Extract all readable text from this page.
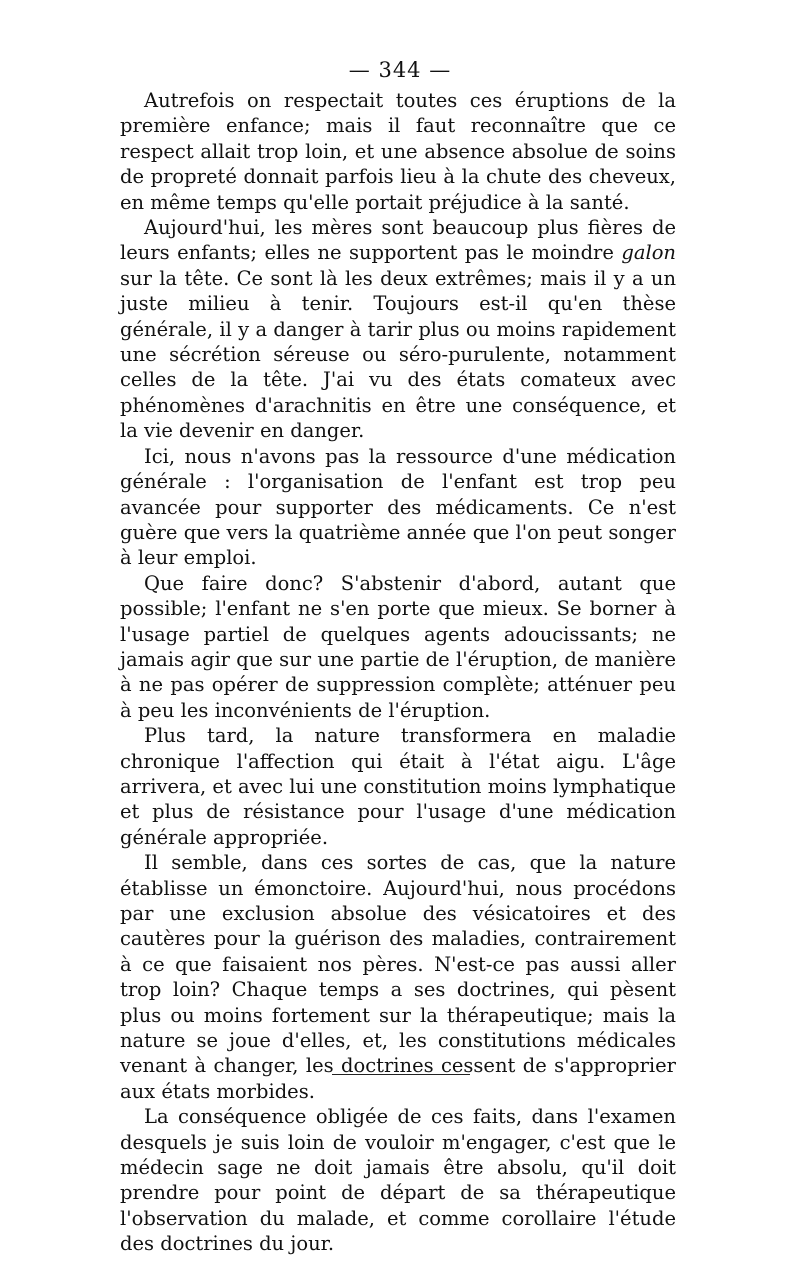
— 344 —

Autrefois on respectait toutes ces éruptions de la première enfance; mais il faut reconnaître que ce respect allait trop loin, et une absence absolue de soins de propreté donnait parfois lieu à la chute des cheveux, en même temps qu'elle portait préjudice à la santé.

Aujourd'hui, les mères sont beaucoup plus fières de leurs enfants; elles ne supportent pas le moindre galon sur la tête. Ce sont là les deux extrêmes; mais il y a un juste milieu à tenir. Toujours est-il qu'en thèse générale, il y a danger à tarir plus ou moins rapidement une sécrétion séreuse ou séro-purulente, notamment celles de la tête. J'ai vu des états comateux avec phénomènes d'arachnitis en être une conséquence, et la vie devenir en danger.

Ici, nous n'avons pas la ressource d'une médication générale : l'organisation de l'enfant est trop peu avancée pour supporter des médicaments. Ce n'est guère que vers la quatrième année que l'on peut songer à leur emploi.

Que faire donc? S'abstenir d'abord, autant que possible; l'enfant ne s'en porte que mieux. Se borner à l'usage partiel de quelques agents adoucissants; ne jamais agir que sur une partie de l'éruption, de manière à ne pas opérer de suppression complète; atténuer peu à peu les inconvénients de l'éruption.

Plus tard, la nature transformera en maladie chronique l'affection qui était à l'état aigu. L'âge arrivera, et avec lui une constitution moins lymphatique et plus de résistance pour l'usage d'une médication générale appropriée.

Il semble, dans ces sortes de cas, que la nature établisse un émonctoire. Aujourd'hui, nous procédons par une exclusion absolue des vésicatoires et des cautères pour la guérison des maladies, contrairement à ce que faisaient nos pères. N'est-ce pas aussi aller trop loin? Chaque temps a ses doctrines, qui pèsent plus ou moins fortement sur la thérapeutique; mais la nature se joue d'elles, et, les constitutions médicales venant à changer, les doctrines cessent de s'approprier aux états morbides.

La conséquence obligée de ces faits, dans l'examen desquels je suis loin de vouloir m'engager, c'est que le médecin sage ne doit jamais être absolu, qu'il doit prendre pour point de départ de sa thérapeutique l'observation du malade, et comme corollaire l'étude des doctrines du jour.
